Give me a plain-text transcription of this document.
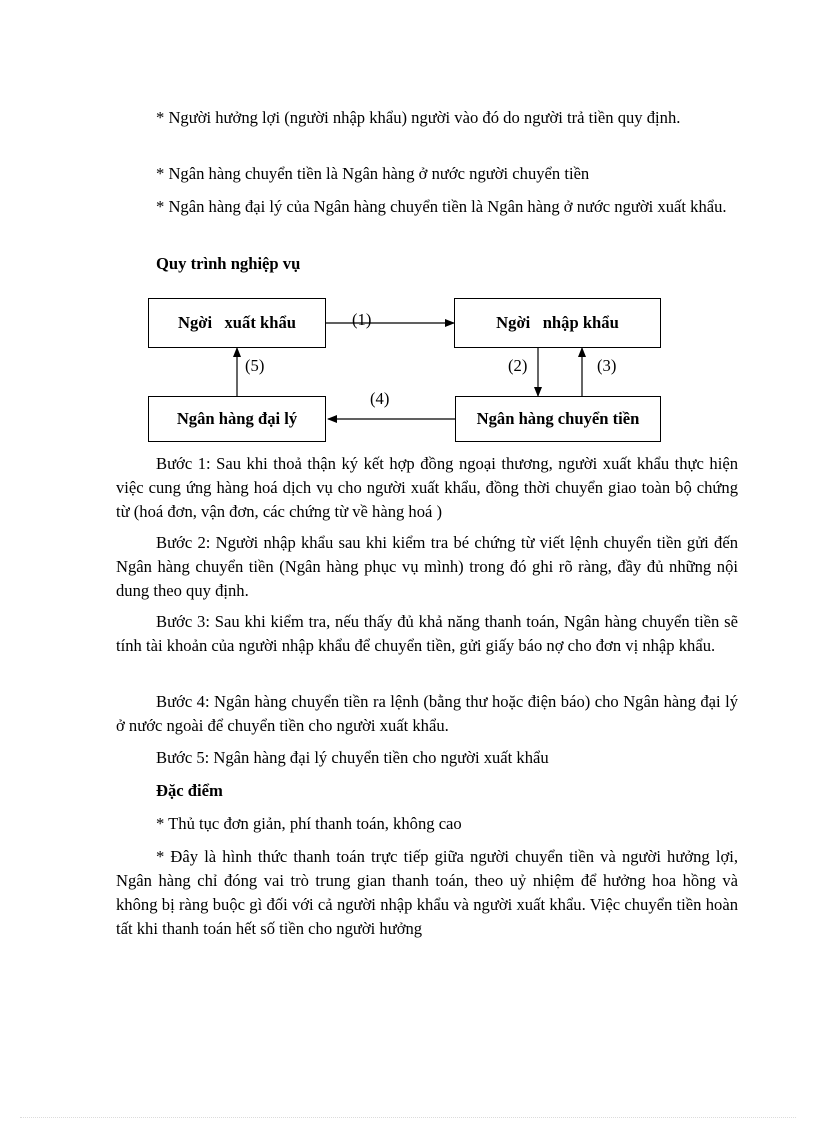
* Người hưởng lợi (người nhập khẩu) người vào đó do người trả tiền quy định.

* Ngân hàng chuyển tiền là Ngân hàng ở nước người chuyển tiền

* Ngân hàng đại lý của Ngân hàng chuyển tiền là Ngân hàng ở nước người xuất khẩu.

Quy trình nghiệp vụ

Ngời   xuất khẩu	Ngời   nhập khẩu
Ngân hàng đại lý	Ngân hàng chuyển tiền
(1)
(2)	(3)
(4)
(5)

Bước 1: Sau khi thoả thận ký kết hợp đồng ngoại thương, người xuất khẩu thực hiện việc cung ứng hàng hoá dịch vụ cho người xuất khẩu, đồng thời chuyển giao toàn bộ chứng từ (hoá đơn, vận đơn, các chứng từ về hàng hoá )

Bước 2: Người nhập khẩu sau khi kiểm tra bé chứng từ viết lệnh chuyển tiền gửi đến Ngân hàng chuyển tiền (Ngân hàng phục vụ mình) trong đó ghi rõ ràng, đầy đủ những nội dung theo quy định.

Bước 3: Sau khi kiểm tra, nếu thấy đủ khả năng thanh toán, Ngân hàng chuyển tiền sẽ tính tài khoản của người nhập khẩu để chuyển tiền, gửi giấy báo nợ cho đơn vị nhập khẩu.

Bước 4: Ngân hàng chuyển tiền ra lệnh (bằng thư hoặc điện báo) cho Ngân hàng đại lý ở nước ngoài để chuyển tiền cho người xuất khẩu.

Bước 5: Ngân hàng đại lý chuyển tiền cho người xuất khẩu

Đặc điểm

* Thủ tục đơn giản, phí thanh toán, không cao

* Đây là hình thức thanh toán trực tiếp giữa người chuyển tiền và người hưởng lợi, Ngân hàng chỉ đóng vai trò trung gian thanh toán, theo uỷ nhiệm để hưởng hoa hồng và không bị ràng buộc gì đối với cả người nhập khẩu và người xuất khẩu. Việc chuyển tiền hoàn tất khi thanh toán hết số tiền cho người hưởng
